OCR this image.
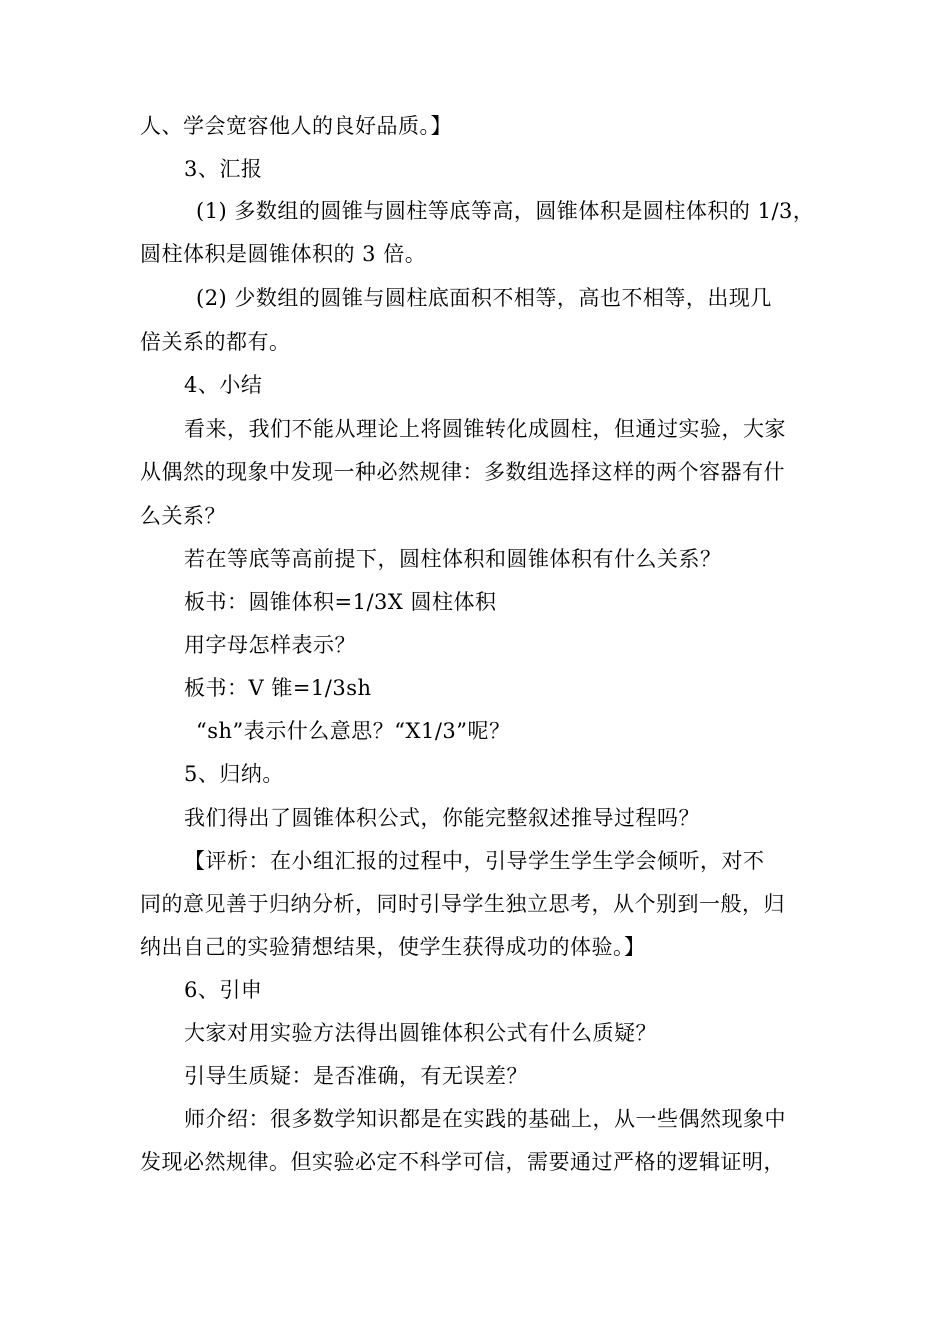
人、学会宽容他人的良好品质。】
3、汇报
(1) 多数组的圆锥与圆柱等底等高，圆锥体积是圆柱体积的 1/3，
圆柱体积是圆锥体积的 3 倍。
(2) 少数组的圆锥与圆柱底面积不相等，高也不相等，出现几
倍关系的都有。
4、小结
看来，我们不能从理论上将圆锥转化成圆柱，但通过实验，大家
从偶然的现象中发现一种必然规律：多数组选择这样的两个容器有什
么关系？
若在等底等高前提下，圆柱体积和圆锥体积有什么关系？
板书：圆锥体积=1/3X 圆柱体积
用字母怎样表示？
板书：V 锥=1/3sh
“sh”表示什么意思？“X1/3”呢？
5、归纳。
我们得出了圆锥体积公式，你能完整叙述推导过程吗？
【评析：在小组汇报的过程中，引导学生学生学会倾听，对不
同的意见善于归纳分析，同时引导学生独立思考，从个别到一般，归
纳出自己的实验猜想结果，使学生获得成功的体验。】
6、引申
大家对用实验方法得出圆锥体积公式有什么质疑？
引导生质疑：是否准确，有无误差？
师介绍：很多数学知识都是在实践的基础上，从一些偶然现象中
发现必然规律。但实验必定不科学可信，需要通过严格的逻辑证明，
